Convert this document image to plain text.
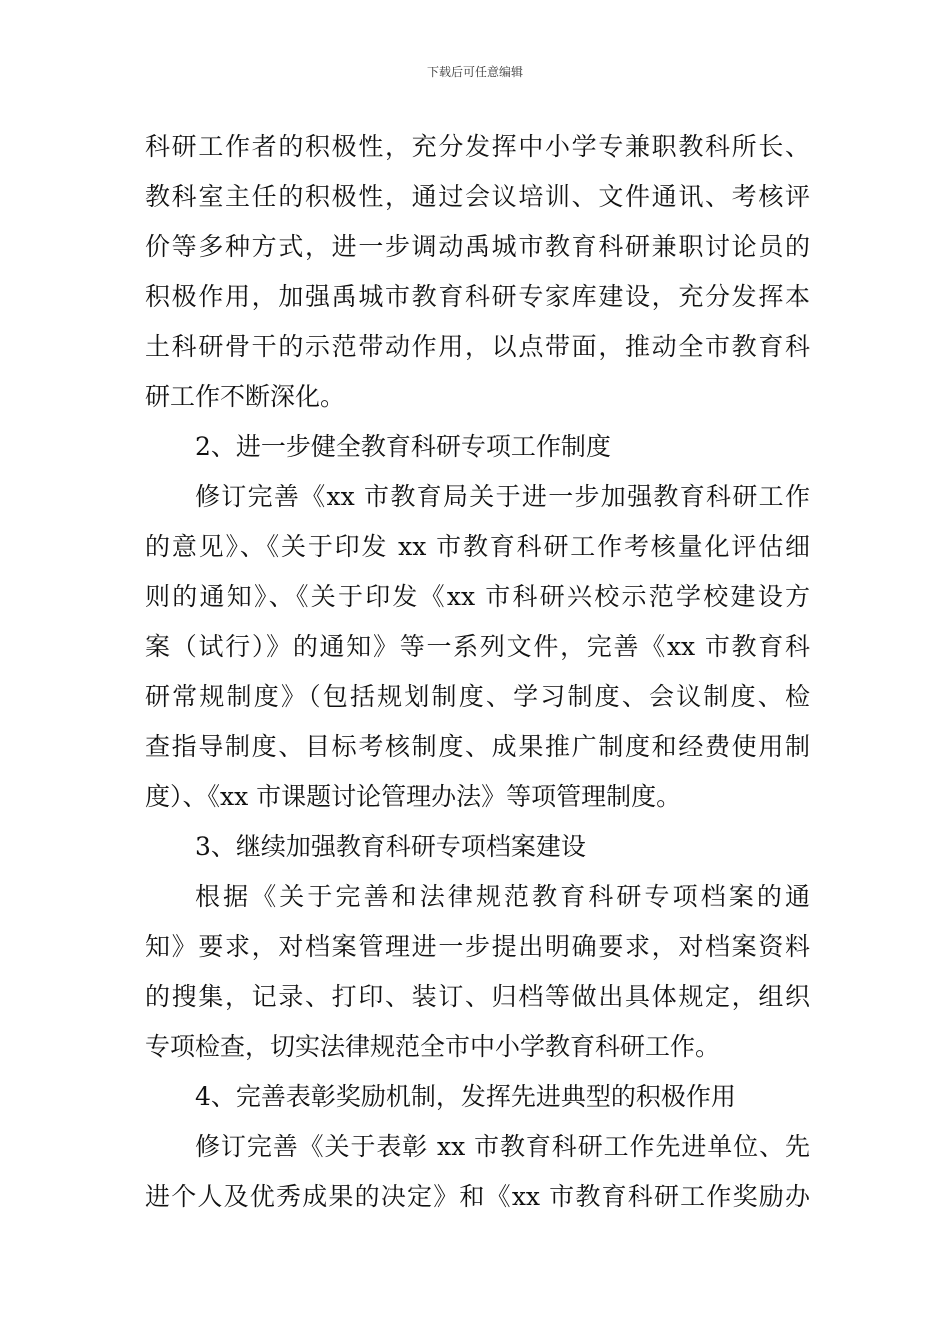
下载后可任意编辑
科研工作者的积极性，充分发挥中小学专兼职教科所长、
教科室主任的积极性，通过会议培训、文件通讯、考核评
价等多种方式，进一步调动禹城市教育科研兼职讨论员的
积极作用，加强禹城市教育科研专家库建设，充分发挥本
土科研骨干的示范带动作用，以点带面，推动全市教育科
研工作不断深化。
2、进一步健全教育科研专项工作制度
修订完善《xx 市教育局关于进一步加强教育科研工作
的意见》、《关于印发 xx 市教育科研工作考核量化评估细
则的通知》、《关于印发《xx 市科研兴校示范学校建设方
案（试行）》的通知》等一系列文件，完善《xx 市教育科
研常规制度》（包括规划制度、学习制度、会议制度、检
查指导制度、目标考核制度、成果推广制度和经费使用制
度）、《xx 市课题讨论管理办法》等项管理制度。
3、继续加强教育科研专项档案建设
根据《关于完善和法律规范教育科研专项档案的通
知》要求，对档案管理进一步提出明确要求，对档案资料
的搜集，记录、打印、装订、归档等做出具体规定，组织
专项检查，切实法律规范全市中小学教育科研工作。
4、完善表彰奖励机制，发挥先进典型的积极作用
修订完善《关于表彰 xx 市教育科研工作先进单位、先
进个人及优秀成果的决定》和《xx 市教育科研工作奖励办
